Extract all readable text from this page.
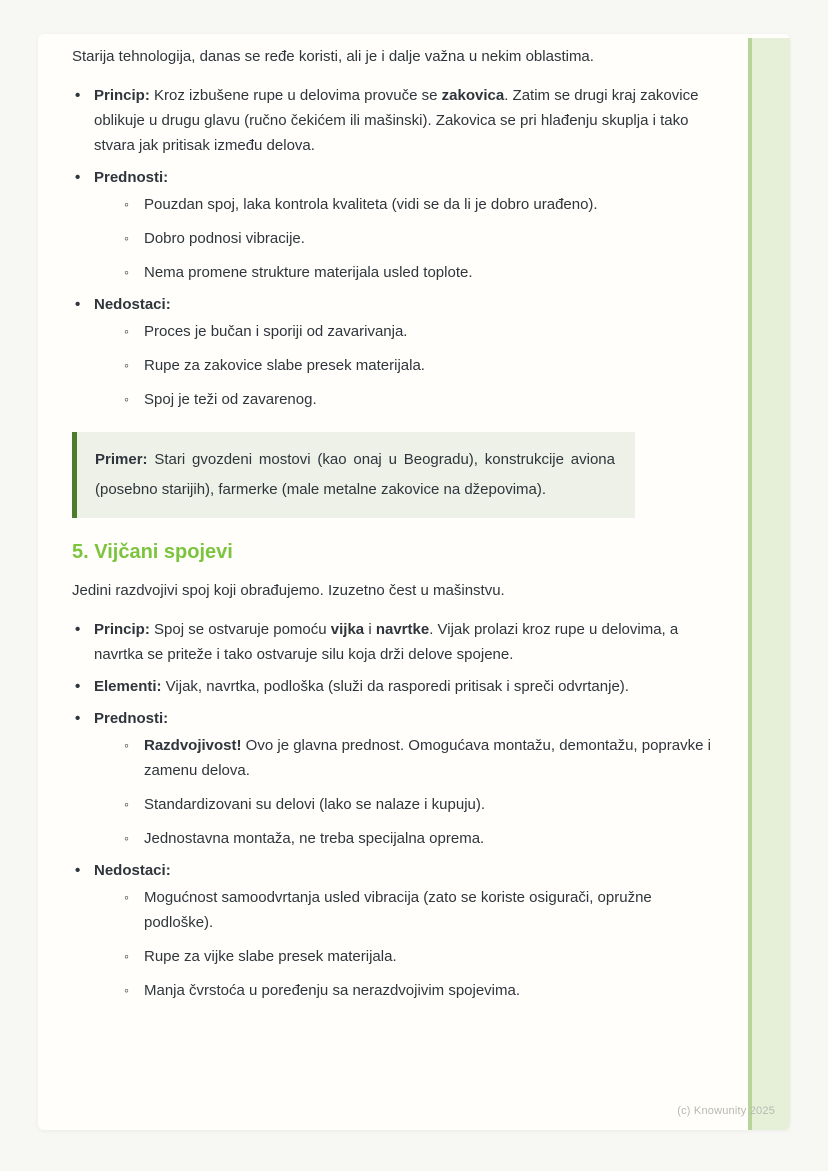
Starija tehnologija, danas se ređe koristi, ali je i dalje važna u nekim oblastima.

• Princip: Kroz izbušene rupe u delovima provuče se zakovica. Zatim se drugi kraj zakovice oblikuje u drugu glavu (ručno čekićem ili mašinski). Zakovica se pri hlađenju skuplja i tako stvara jak pritisak između delova.
• Prednosti:
◦ Pouzdan spoj, laka kontrola kvaliteta (vidi se da li je dobro urađeno).
◦ Dobro podnosi vibracije.
◦ Nema promene strukture materijala usled toplote.
• Nedostaci:
◦ Proces je bučan i sporiji od zavarivanja.
◦ Rupe za zakovice slabe presek materijala.
◦ Spoj je teži od zavarenog.

Primer: Stari gvozdeni mostovi (kao onaj u Beogradu), konstrukcije aviona (posebno starijih), farmerke (male metalne zakovice na džepovima).

5. Vijčani spojevi

Jedini razdvojivi spoj koji obrađujemo. Izuzetno čest u mašinstvu.

• Princip: Spoj se ostvaruje pomoću vijka i navrtke. Vijak prolazi kroz rupe u delovima, a navrtka se priteže i tako ostvaruje silu koja drži delove spojene.
• Elementi: Vijak, navrtka, podloška (služi da rasporedi pritisak i spreči odvrtanje).
• Prednosti:
◦ Razdvojivost! Ovo je glavna prednost. Omogućava montažu, demontažu, popravke i zamenu delova.
◦ Standardizovani su delovi (lako se nalaze i kupuju).
◦ Jednostavna montaža, ne treba specijalna oprema.
• Nedostaci:
◦ Mogućnost samoodvrtanja usled vibracija (zato se koriste osigurači, opružne podloške).
◦ Rupe za vijke slabe presek materijala.
◦ Manja čvrstoća u poređenju sa nerazdvojivim spojevima.
(c) Knowunity 2025
